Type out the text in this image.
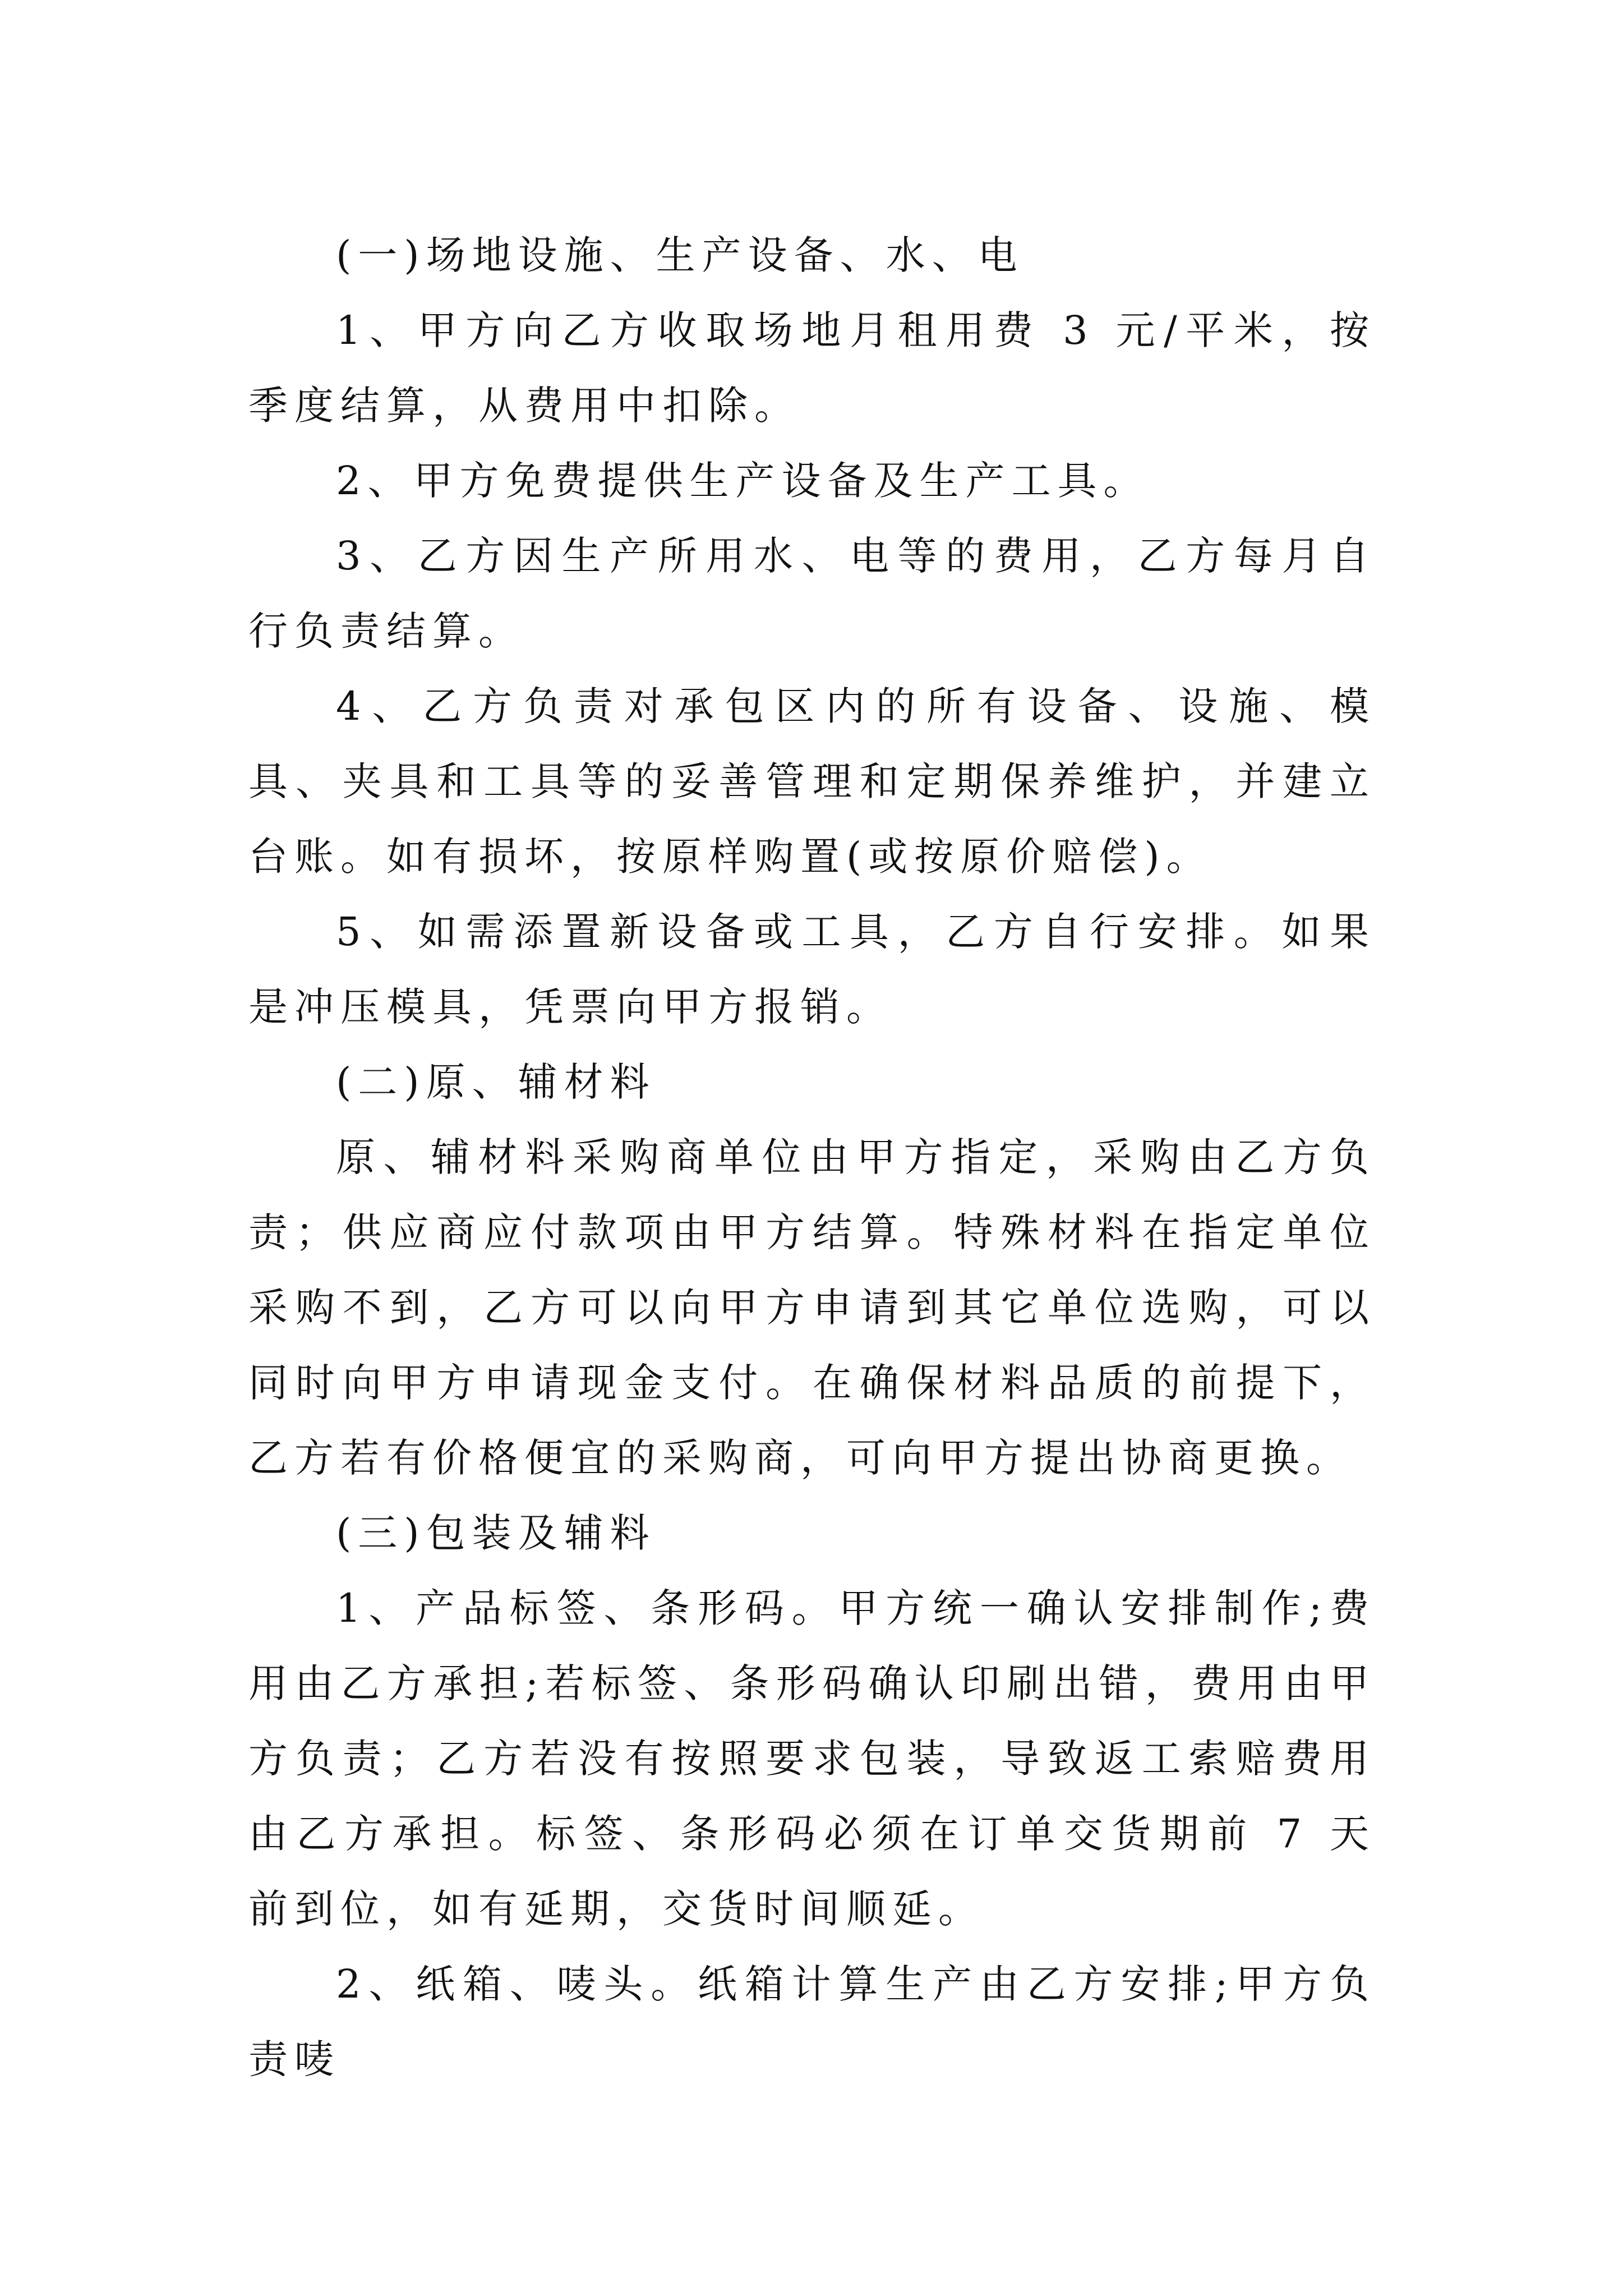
(一)场地设施、生产设备、水、电

1、甲方向乙方收取场地月租用费 3 元/平米，按季度结算，从费用中扣除。

2、甲方免费提供生产设备及生产工具。

3、乙方因生产所用水、电等的费用，乙方每月自行负责结算。

4、乙方负责对承包区内的所有设备、设施、模具、夹具和工具等的妥善管理和定期保养维护，并建立台账。如有损坏，按原样购置(或按原价赔偿)。

5、如需添置新设备或工具，乙方自行安排。如果是冲压模具，凭票向甲方报销。

(二)原、辅材料

原、辅材料采购商单位由甲方指定，采购由乙方负责；供应商应付款项由甲方结算。特殊材料在指定单位采购不到，乙方可以向甲方申请到其它单位选购，可以同时向甲方申请现金支付。在确保材料品质的前提下，乙方若有价格便宜的采购商，可向甲方提出协商更换。

(三)包装及辅料

1、产品标签、条形码。甲方统一确认安排制作;费用由乙方承担;若标签、条形码确认印刷出错，费用由甲方负责；乙方若没有按照要求包装，导致返工索赔费用由乙方承担。标签、条形码必须在订单交货期前 7 天前到位，如有延期，交货时间顺延。

2、纸箱、唛头。纸箱计算生产由乙方安排;甲方负责唛
